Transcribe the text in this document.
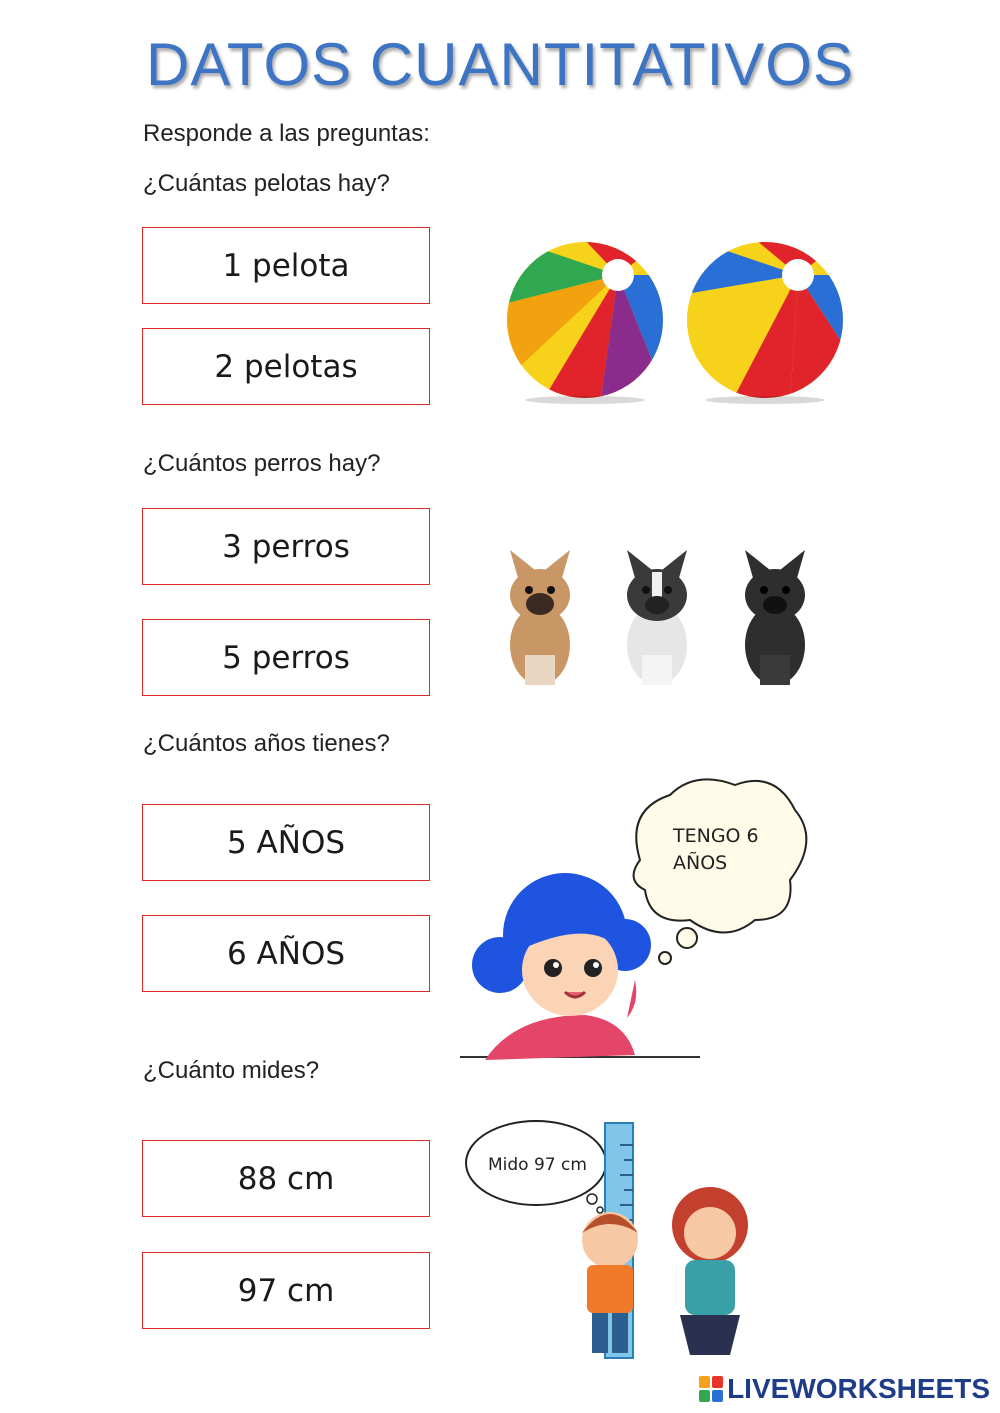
DATOS CUANTITATIVOS
Responde a las preguntas:
¿Cuántas pelotas hay?
1 pelota
2 pelotas
¿Cuántos perros hay?
3 perros
5 perros
¿Cuántos años tienes?
5 AÑOS
6 AÑOS
TENGO 6
AÑOS
¿Cuánto mides?
88 cm
97 cm
Mido 97 cm
LIVEWORKSHEETS
